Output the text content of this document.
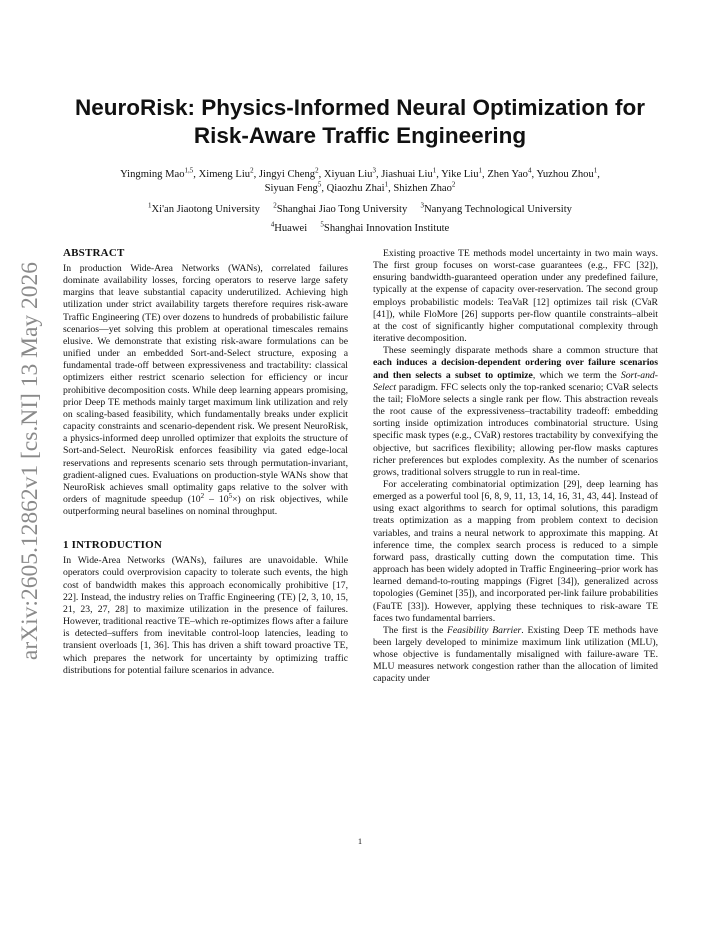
arXiv:2605.12862v1 [cs.NI] 13 May 2026
NeuroRisk: Physics-Informed Neural Optimization for
Risk-Aware Traffic Engineering
Yingming Mao$^{1,5}$, Ximeng Liu$^2$, Jingyi Cheng$^2$, Xiyuan Liu$^3$, Jiashuai Liu$^1$, Yike Liu$^1$, Zhen Yao$^4$, Yuzhou Zhou$^1$,
Siyuan Feng$^5$, Qiaozhu Zhai$^1$, Shizhen Zhao$^2$
$^1$Xi'an Jiaotong University $^2$Shanghai Jiao Tong University $^3$Nanyang Technological University
$^4$Huawei $^5$Shanghai Innovation Institute
ABSTRACT

In production Wide-Area Networks (WANs), correlated failures dominate availability losses, forcing operators to reserve large safety margins that leave substantial capacity underutilized. Achieving high utilization under strict availability targets therefore requires risk-aware Traffic Engineering (TE) over dozens to hundreds of probabilistic failure scenarios—yet solving this problem at operational timescales remains elusive. We demonstrate that existing risk-aware formulations can be unified under an embedded Sort-and-Select structure, exposing a fundamental trade-off between expressiveness and tractability: classical optimizers either restrict scenario selection for efficiency or incur prohibitive decomposition costs. While deep learning appears promising, prior Deep TE methods mainly target maximum link utilization and rely on scaling-based feasibility, which fundamentally breaks under explicit capacity constraints and scenario-dependent risk. We present NeuroRisk, a physics-informed deep unrolled optimizer that exploits the structure of Sort-and-Select. NeuroRisk enforces feasibility via gated edge-local reservations and represents scenario sets through permutation-invariant, gradient-aligned cues. Evaluations on production-style WANs show that NeuroRisk achieves small optimality gaps relative to the solver with orders of magnitude speedup $(10^2 - 10^5\times)$ on risk objectives, while outperforming neural baselines on nominal throughput.

1 INTRODUCTION

In Wide-Area Networks (WANs), failures are unavoidable. While operators could overprovision capacity to tolerate such events, the high cost of bandwidth makes this approach economically prohibitive [17, 22]. Instead, the industry relies on Traffic Engineering (TE) [2, 3, 10, 15, 21, 23, 27, 28] to maximize utilization in the presence of failures. However, traditional reactive TE–which re-optimizes flows after a failure is detected–suffers from inevitable control-loop latencies, leading to transient overloads [1, 36]. This has driven a shift toward proactive TE, which prepares the network for uncertainty by optimizing traffic distributions for potential failure scenarios in advance.

Existing proactive TE methods model uncertainty in two main ways. The first group focuses on worst-case guarantees (e.g., FFC [32]), ensuring bandwidth-guaranteed operation under any predefined failure, typically at the expense of capacity over-reservation. The second group employs probabilistic models: TeaVaR [12] optimizes tail risk (CVaR [41]), while FloMore [26] supports per-flow quantile constraints–albeit at the cost of significantly higher computational complexity through iterative decomposition.

These seemingly disparate methods share a common structure that each induces a decision-dependent ordering over failure scenarios and then selects a subset to optimize, which we term the Sort-and-Select paradigm. FFC selects only the top-ranked scenario; CVaR selects the tail; FloMore selects a single rank per flow. This abstraction reveals the root cause of the expressiveness–tractability tradeoff: embedding sorting inside optimization introduces combinatorial structure. Using specific mask types (e.g., CVaR) restores tractability by convexifying the objective, but sacrifices flexibility; allowing per-flow masks captures richer preferences but explodes complexity. As the number of scenarios grows, traditional solvers struggle to run in real-time.

For accelerating combinatorial optimization [29], deep learning has emerged as a powerful tool [6, 8, 9, 11, 13, 14, 16, 31, 43, 44]. Instead of using exact algorithms to search for optimal solutions, this paradigm treats optimization as a mapping from problem context to decision variables, and trains a neural network to approximate this mapping. At inference time, the complex search process is reduced to a simple forward pass, drastically cutting down the computation time. This approach has been widely adopted in Traffic Engineering–prior work has learned demand-to-routing mappings (Figret [34]), generalized across topologies (Geminet [35]), and incorporated per-link failure probabilities (FauTE [33]). However, applying these techniques to risk-aware TE faces two fundamental barriers.

The first is the Feasibility Barrier. Existing Deep TE methods have been largely developed to minimize maximum link utilization (MLU), whose objective is fundamentally misaligned with failure-aware TE. MLU measures network congestion rather than the allocation of limited capacity under

1
